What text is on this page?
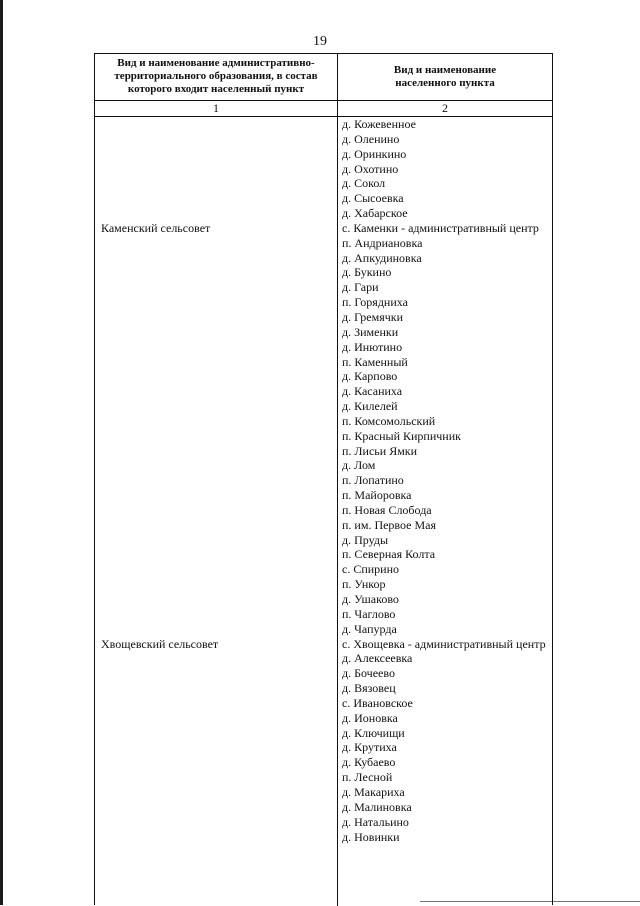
19
Вид и наименование административно-
территориального образования, в состав
которого входит населенный пункт
Вид и наименование
населенного пункта
1	2
Каменский сельсовет
Хвощевский сельсовет
д. Кожевенное
д. Оленино
д. Оринкино
д. Охотино
д. Сокол
д. Сысоевка
д. Хабарское
с. Каменки - административный центр
п. Андриановка
д. Апкудиновка
д. Букино
д. Гари
п. Горядниха
д. Гремячки
д. Зименки
д. Инютино
п. Каменный
д. Карпово
д. Касаниха
д. Килелей
п. Комсомольский
п. Красный Кирпичник
п. Лисьи Ямки
д. Лом
п. Лопатино
п. Майоровка
п. Новая Слобода
п. им. Первое Мая
д. Пруды
п. Северная Колта
с. Спирино
п. Ункор
д. Ушаково
п. Чаглово
д. Чапурда
с. Хвощевка - административный центр
д. Алексеевка
д. Бочеево
д. Вязовец
с. Ивановское
д. Ионовка
д. Ключищи
д. Крутиха
д. Кубаево
п. Лесной
д. Макариха
д. Малиновка
д. Натальино
д. Новинки
